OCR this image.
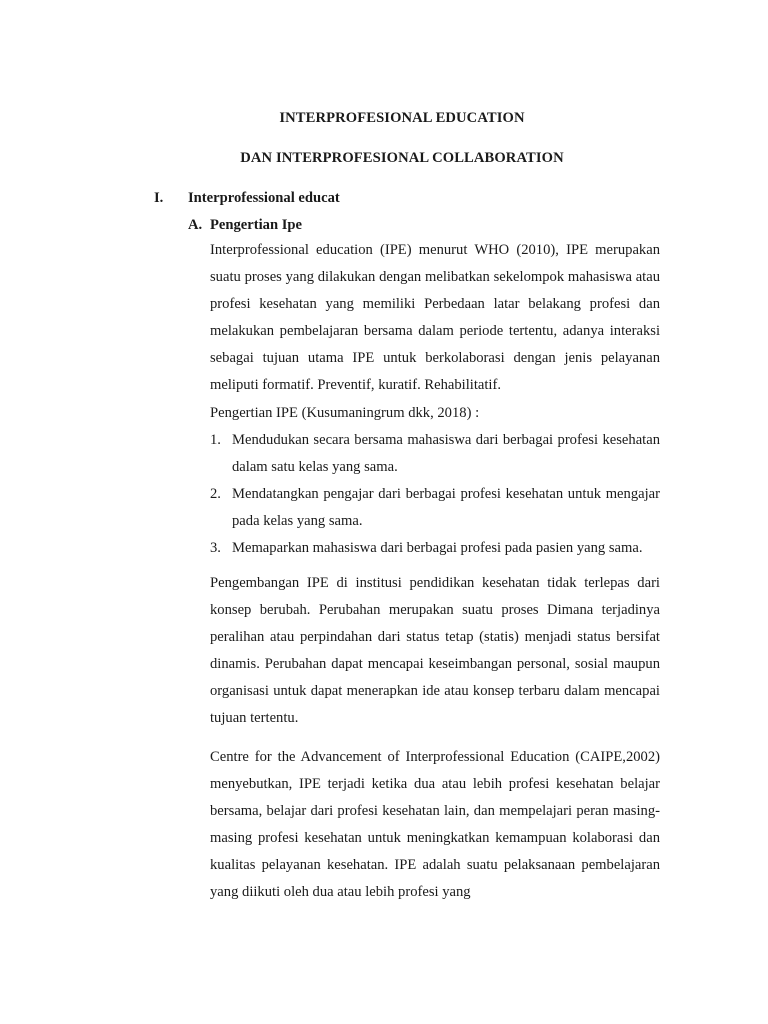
INTERPROFESIONAL EDUCATION
DAN INTERPROFESIONAL COLLABORATION
I. Interprofessional educat
A. Pengertian Ipe

Interprofessional education (IPE) menurut WHO (2010), IPE merupakan suatu proses yang dilakukan dengan melibatkan sekelompok mahasiswa atau profesi kesehatan yang memiliki Perbedaan latar belakang profesi dan melakukan pembelajaran bersama dalam periode tertentu, adanya interaksi sebagai tujuan utama IPE untuk berkolaborasi dengan jenis pelayanan meliputi formatif. Preventif, kuratif. Rehabilitatif.

Pengertian IPE (Kusumaningrum dkk, 2018) :

1. Mendudukan secara bersama mahasiswa dari berbagai profesi kesehatan dalam satu kelas yang sama.
2. Mendatangkan pengajar dari berbagai profesi kesehatan untuk mengajar pada kelas yang sama.
3. Memaparkan mahasiswa dari berbagai profesi pada pasien yang sama.

Pengembangan IPE di institusi pendidikan kesehatan tidak terlepas dari konsep berubah. Perubahan merupakan suatu proses Dimana terjadinya peralihan atau perpindahan dari status tetap (statis) menjadi status bersifat dinamis. Perubahan dapat mencapai keseimbangan personal, sosial maupun organisasi untuk dapat menerapkan ide atau konsep terbaru dalam mencapai tujuan tertentu.

Centre for the Advancement of Interprofessional Education (CAIPE,2002) menyebutkan, IPE terjadi ketika dua atau lebih profesi kesehatan belajar bersama, belajar dari profesi kesehatan lain, dan mempelajari peran masing-masing profesi kesehatan untuk meningkatkan kemampuan kolaborasi dan kualitas pelayanan kesehatan. IPE adalah suatu pelaksanaan pembelajaran yang diikuti oleh dua atau lebih profesi yang
